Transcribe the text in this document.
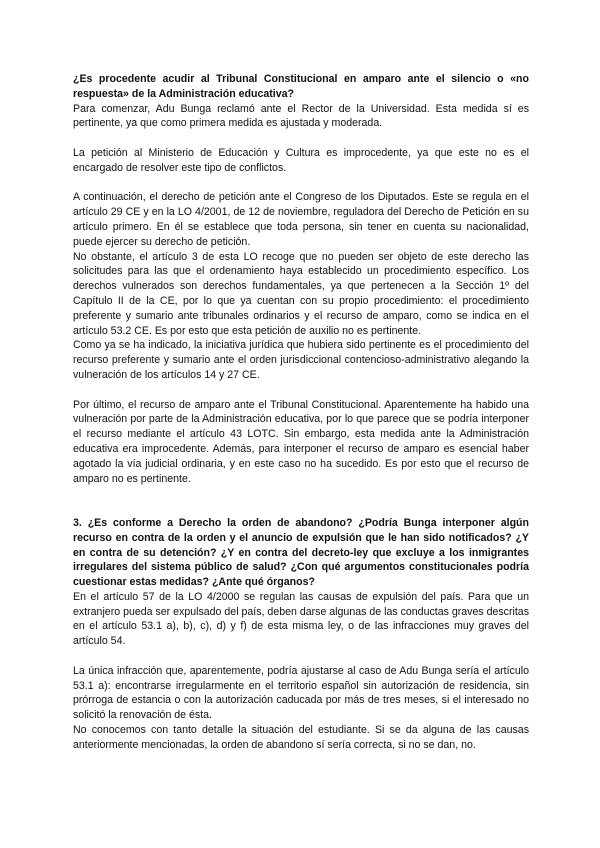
¿Es procedente acudir al Tribunal Constitucional en amparo ante el silencio o «no respuesta» de la Administración educativa?

Para comenzar, Adu Bunga reclamó ante el Rector de la Universidad. Esta medida sí es pertinente, ya que como primera medida es ajustada y moderada.

La petición al Ministerio de Educación y Cultura es improcedente, ya que este no es el encargado de resolver este tipo de conflictos.

A continuación, el derecho de petición ante el Congreso de los Diputados. Este se regula en el artículo 29 CE y en la LO 4/2001, de 12 de noviembre, reguladora del Derecho de Petición en su artículo primero. En él se establece que toda persona, sin tener en cuenta su nacionalidad, puede ejercer su derecho de petición.

No obstante, el artículo 3 de esta LO recoge que no pueden ser objeto de este derecho las solicitudes para las que el ordenamiento haya establecido un procedimiento específico. Los derechos vulnerados son derechos fundamentales, ya que pertenecen a la Sección 1º del Capítulo II de la CE, por lo que ya cuentan con su propio procedimiento: el procedimiento preferente y sumario ante tribunales ordinarios y el recurso de amparo, como se indica en el artículo 53.2 CE. Es por esto que esta petición de auxilio no es pertinente.

Como ya se ha indicado, la iniciativa jurídica que hubiera sido pertinente es el procedimiento del recurso preferente y sumario ante el orden jurisdiccional contencioso-administrativo alegando la vulneración de los artículos 14 y 27 CE.

Por último, el recurso de amparo ante el Tribunal Constitucional. Aparentemente ha habido una vulneración por parte de la Administración educativa, por lo que parece que se podría interponer el recurso mediante el artículo 43 LOTC. Sin embargo, esta medida ante la Administración educativa era improcedente. Además, para interponer el recurso de amparo es esencial haber agotado la vía judicial ordinaria, y en este caso no ha sucedido. Es por esto que el recurso de amparo no es pertinente.

3. ¿Es conforme a Derecho la orden de abandono? ¿Podría Bunga interponer algún recurso en contra de la orden y el anuncio de expulsión que le han sido notificados? ¿Y en contra de su detención? ¿Y en contra del decreto-ley que excluye a los inmigrantes irregulares del sistema público de salud? ¿Con qué argumentos constitucionales podría cuestionar estas medidas? ¿Ante qué órganos?

En el artículo 57 de la LO 4/2000 se regulan las causas de expulsión del país. Para que un extranjero pueda ser expulsado del país, deben darse algunas de las conductas graves descritas en el artículo 53.1 a), b), c), d) y f) de esta misma ley, o de las infracciones muy graves del artículo 54.

La única infracción que, aparentemente, podría ajustarse al caso de Adu Bunga sería el artículo 53.1 a): encontrarse irregularmente en el territorio español sin autorización de residencia, sin prórroga de estancia o con la autorización caducada por más de tres meses, si el interesado no solicitó la renovación de ésta.

No conocemos con tanto detalle la situación del estudiante. Si se da alguna de las causas anteriormente mencionadas, la orden de abandono sí sería correcta, si no se dan, no.
